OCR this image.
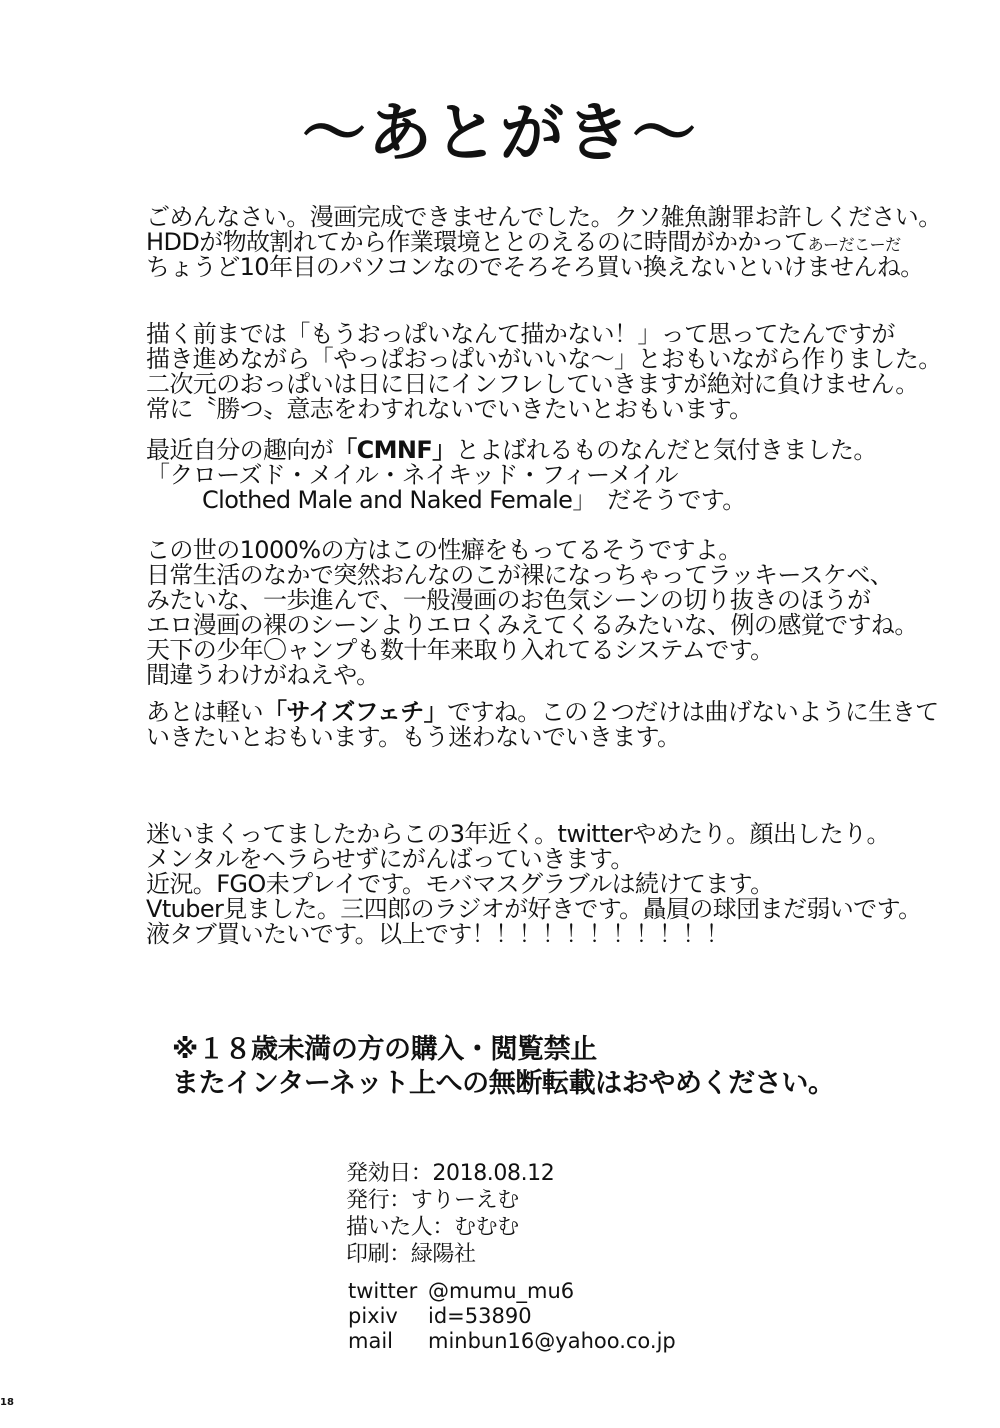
〜あとがき〜
ごめんなさい。漫画完成できませんでした。クソ雑魚謝罪お許しください。
HDDが物故割れてから作業環境ととのえるのに時間がかかってあーだこーだ
ちょうど10年目のパソコンなのでそろそろ買い換えないといけませんね。
描く前までは「もうおっぱいなんて描かない！」って思ってたんですが
描き進めながら「やっぱおっぱいがいいな〜」とおもいながら作りました。
二次元のおっぱいは日に日にインフレしていきますが絶対に負けません。
常に〝勝つ〟意志をわすれないでいきたいとおもいます。
最近自分の趣向が「CMNF」とよばれるものなんだと気付きました。
「クローズド・メイル・ネイキッド・フィーメイル
Clothed Male and Naked Female」　だそうです。
この世の1000%の方はこの性癖をもってるそうですよ。
日常生活のなかで突然おんなのこが裸になっちゃってラッキースケベ、
みたいな、一歩進んで、一般漫画のお色気シーンの切り抜きのほうが
エロ漫画の裸のシーンよりエロくみえてくるみたいな、例の感覚ですね。
天下の少年〇ャンプも数十年来取り入れてるシステムです。
間違うわけがねえや。
あとは軽い「サイズフェチ」ですね。この２つだけは曲げないように生きて
いきたいとおもいます。もう迷わないでいきます。
迷いまくってましたからこの3年近く。twitterやめたり。顔出したり。
メンタルをヘラらせずにがんばっていきます。
近況。FGO未プレイです。モバマスグラブルは続けてます。
Vtuber見ました。三四郎のラジオが好きです。贔屓の球団まだ弱いです。
液タブ買いたいです。以上です！！！！！！！！！！！
※１８歳未満の方の購入・閲覧禁止
またインターネット上への無断転載はおやめください。
発効日：2018.08.12
発行：すりーえむ
描いた人：むむむ
印刷：緑陽社
twitter @mumu_mu6
pixiv	id=53890
mail	minbun16@yahoo.co.jp
18
